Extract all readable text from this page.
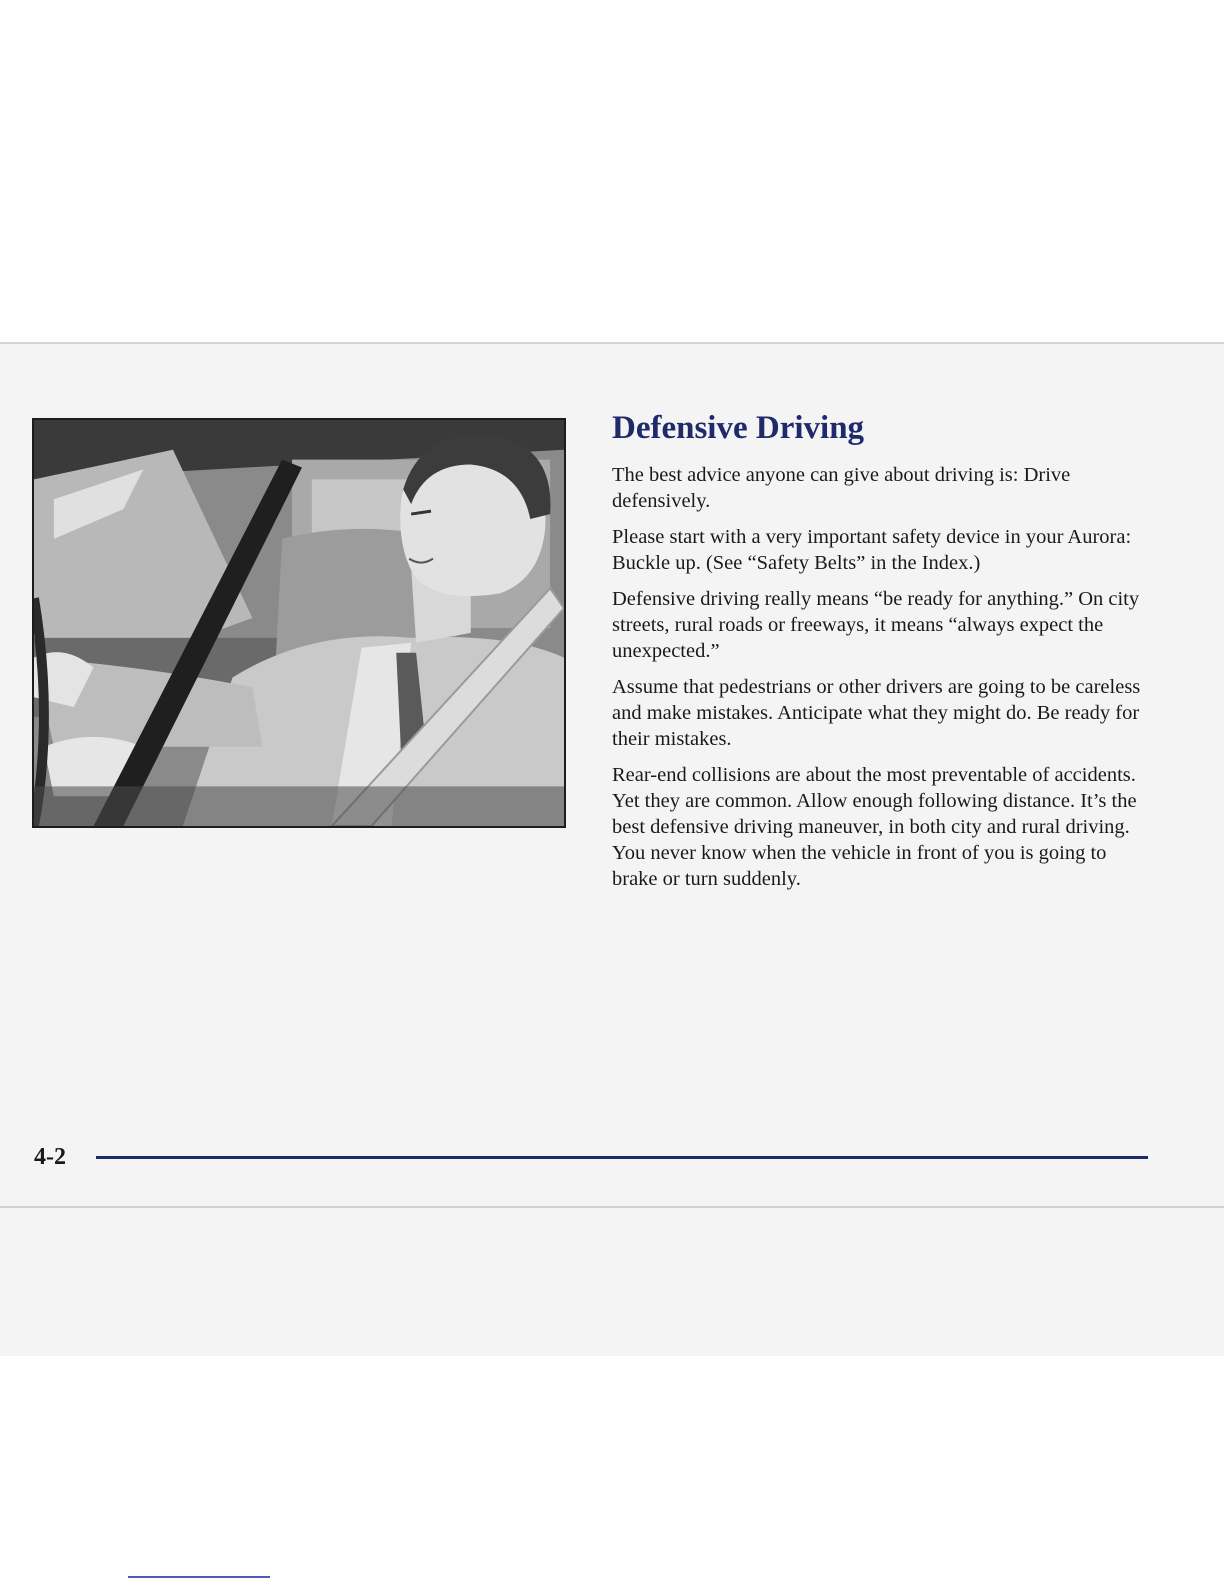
Defensive Driving

The best advice anyone can give about driving is: Drive defensively.

Please start with a very important safety device in your Aurora: Buckle up. (See “Safety Belts” in the Index.)

Defensive driving really means “be ready for anything.” On city streets, rural roads or freeways, it means “always expect the unexpected.”

Assume that pedestrians or other drivers are going to be careless and make mistakes. Anticipate what they might do. Be ready for their mistakes.

Rear-end collisions are about the most preventable of accidents. Yet they are common. Allow enough following distance. It’s the best defensive driving maneuver, in both city and rural driving. You never know when the vehicle in front of you is going to brake or turn suddenly.

4-2
